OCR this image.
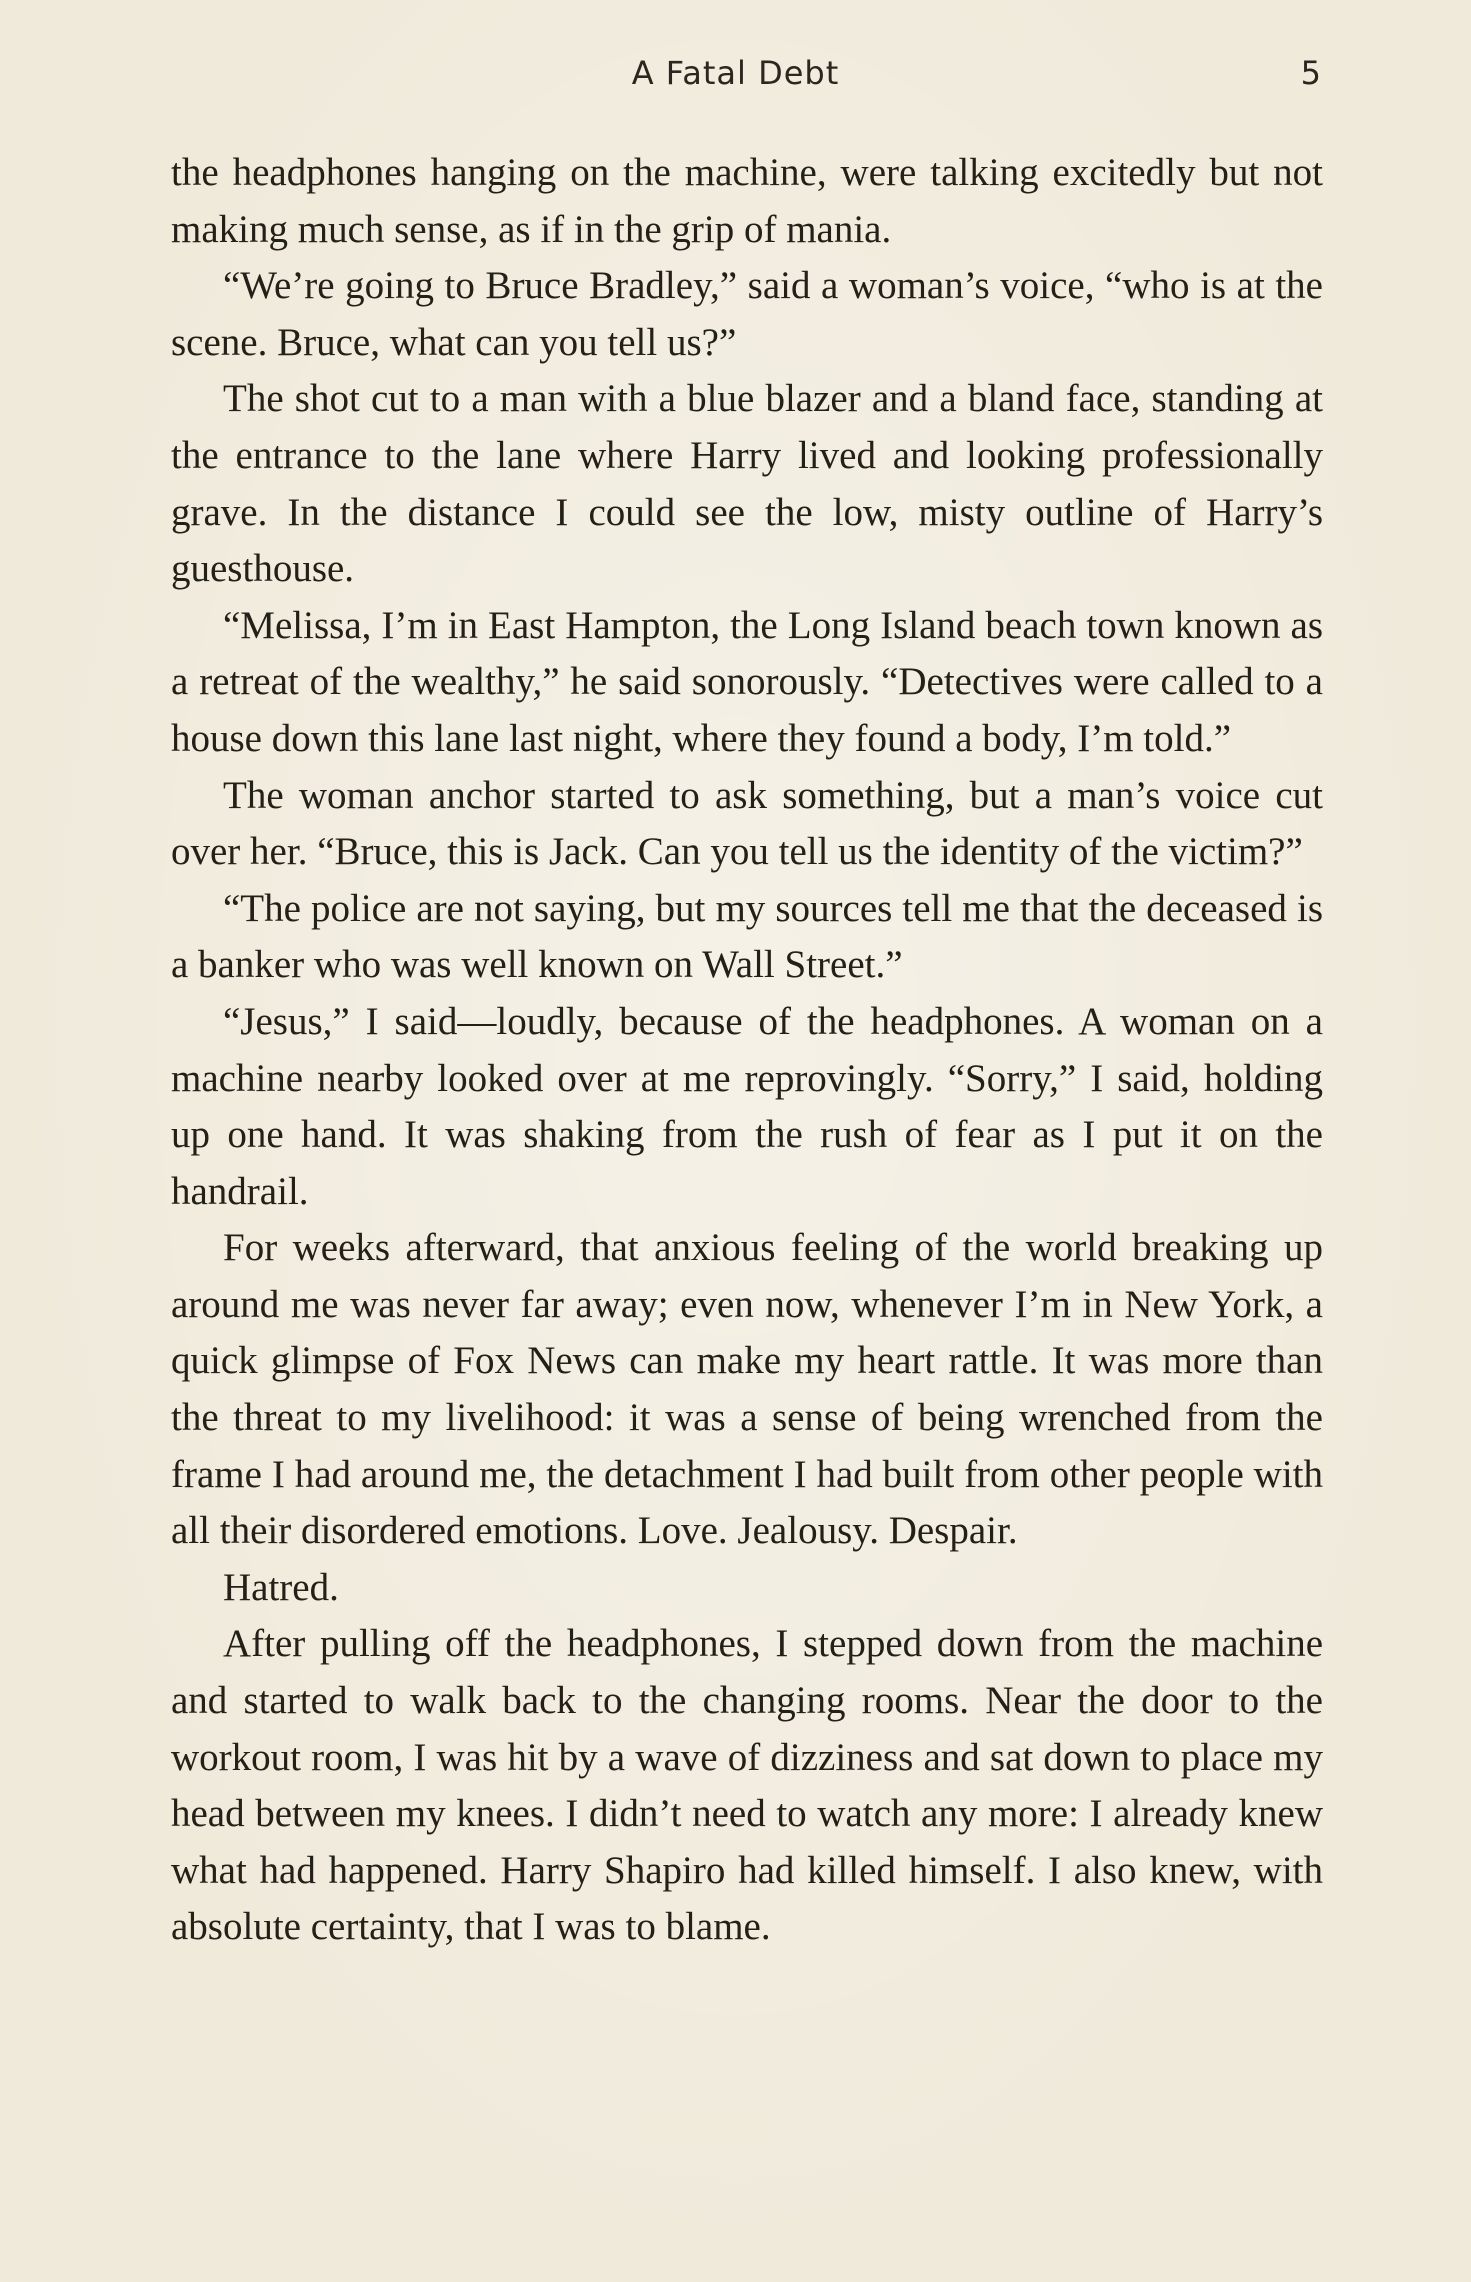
A Fatal Debt	5

the headphones hanging on the machine, were talking excitedly but not making much sense, as if in the grip of mania.

“We’re going to Bruce Bradley,” said a woman’s voice, “who is at the scene. Bruce, what can you tell us?”

The shot cut to a man with a blue blazer and a bland face, standing at the entrance to the lane where Harry lived and looking professionally grave. In the distance I could see the low, misty outline of Harry’s guesthouse.

“Melissa, I’m in East Hampton, the Long Island beach town known as a retreat of the wealthy,” he said sonorously. “Detectives were called to a house down this lane last night, where they found a body, I’m told.”

The woman anchor started to ask something, but a man’s voice cut over her. “Bruce, this is Jack. Can you tell us the identity of the victim?”

“The police are not saying, but my sources tell me that the deceased is a banker who was well known on Wall Street.”

“Jesus,” I said—loudly, because of the headphones. A woman on a machine nearby looked over at me reprovingly. “Sorry,” I said, holding up one hand. It was shaking from the rush of fear as I put it on the handrail.

For weeks afterward, that anxious feeling of the world breaking up around me was never far away; even now, whenever I’m in New York, a quick glimpse of Fox News can make my heart rattle. It was more than the threat to my livelihood: it was a sense of being wrenched from the frame I had around me, the detachment I had built from other people with all their disordered emotions. Love. Jealousy. Despair.

Hatred.

After pulling off the headphones, I stepped down from the machine and started to walk back to the changing rooms. Near the door to the workout room, I was hit by a wave of dizziness and sat down to place my head between my knees. I didn’t need to watch any more: I already knew what had happened. Harry Shapiro had killed himself. I also knew, with absolute certainty, that I was to blame.
